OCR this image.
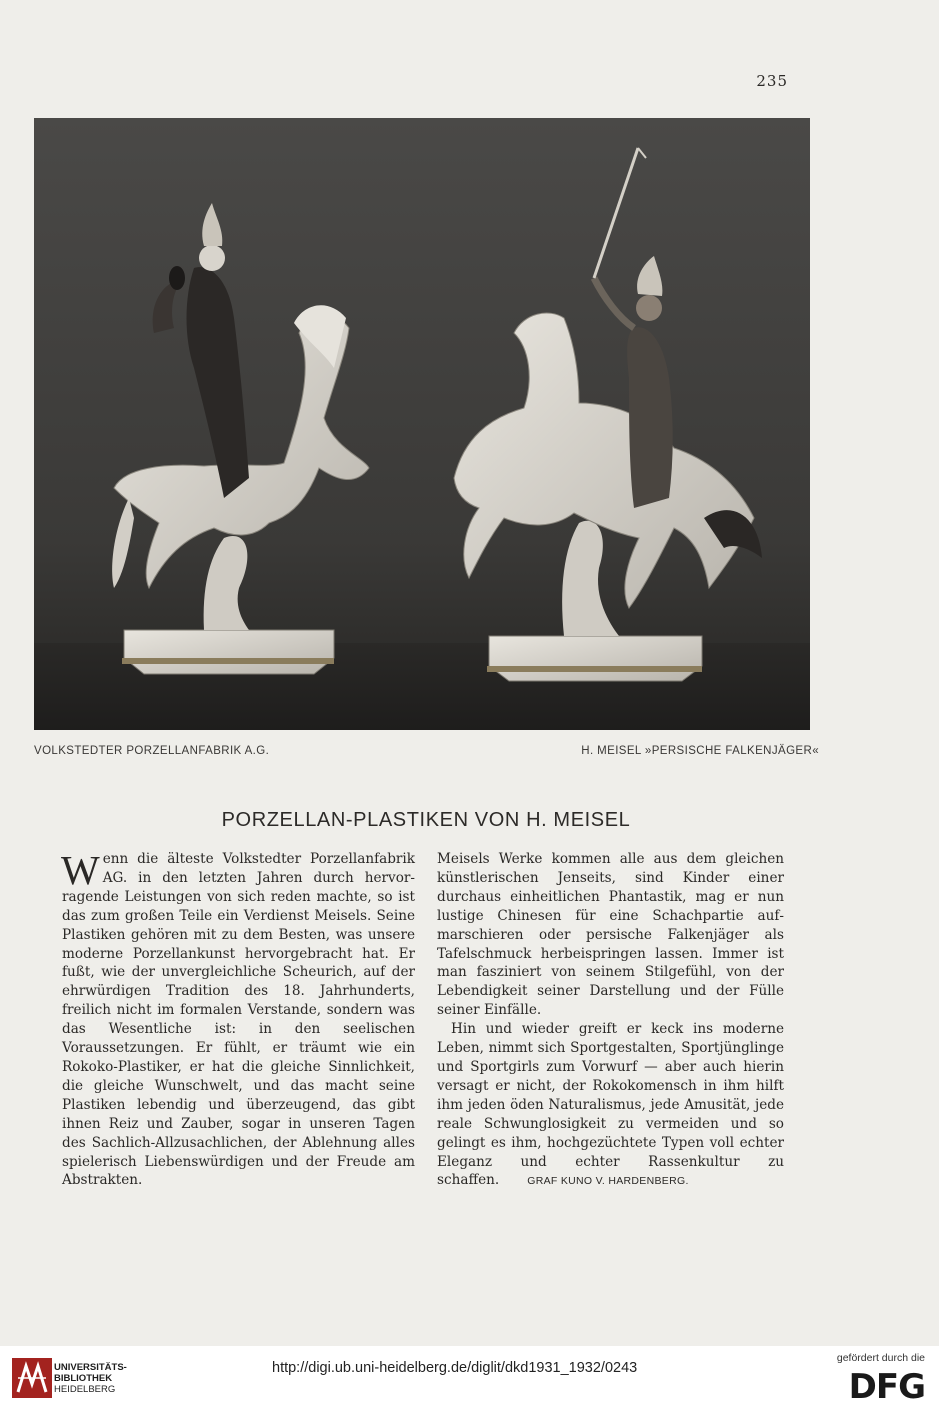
235
VOLKSTEDTER PORZELLANFABRIK A.G.	H. MEISEL »PERSISCHE FALKENJÄGER«
PORZELLAN-PLASTIKEN VON H. MEISEL

Wenn die älteste Volkstedter Porzellanfabrik AG. in den letzten Jahren durch hervorragende Leistungen von sich reden machte, so ist das zum großen Teile ein Verdienst Meisels. Seine Plastiken gehören mit zu dem Besten, was unsere moderne Porzellankunst hervorgebracht hat. Er fußt, wie der unvergleichliche Scheurich, auf der ehrwürdigen Tradition des 18. Jahrhunderts, freilich nicht im formalen Verstande, sondern was das Wesentliche ist: in den seelischen Voraussetzungen. Er fühlt, er träumt wie ein Rokoko-Plastiker, er hat die gleiche Sinnlichkeit, die gleiche Wunschwelt, und das macht seine Plastiken lebendig und überzeugend, das gibt ihnen Reiz und Zauber, sogar in unseren Tagen des Sachlich-Allzusachlichen, der Ablehnung alles spielerisch Liebenswürdigen und der Freude am Abstrakten.

Meisels Werke kommen alle aus dem gleichen künstlerischen Jenseits, sind Kinder einer durchaus einheitlichen Phantastik, mag er nun lustige Chinesen für eine Schachpartie aufmarschieren oder persische Falkenjäger als Tafelschmuck herbeispringen lassen. Immer ist man fasziniert von seinem Stilgefühl, von der Lebendigkeit seiner Darstellung und der Fülle seiner Einfälle.

Hin und wieder greift er keck ins moderne Leben, nimmt sich Sportgestalten, Sportjünglinge und Sportgirls zum Vorwurf — aber auch hierin versagt er nicht, der Rokokomensch in ihm hilft ihm jeden öden Naturalismus, jede Amusität, jede reale Schwunglosigkeit zu vermeiden und so gelingt es ihm, hochgezüchtete Typen voll echter Eleganz und echter Rassenkultur zu schaffen.	GRAF KUNO V. HARDENBERG.

UNIVERSITÄTS-
BIBLIOTHEK
HEIDELBERG
http://digi.ub.uni-heidelberg.de/diglit/dkd1931_1932/0243
gefördert durch die
DFG
